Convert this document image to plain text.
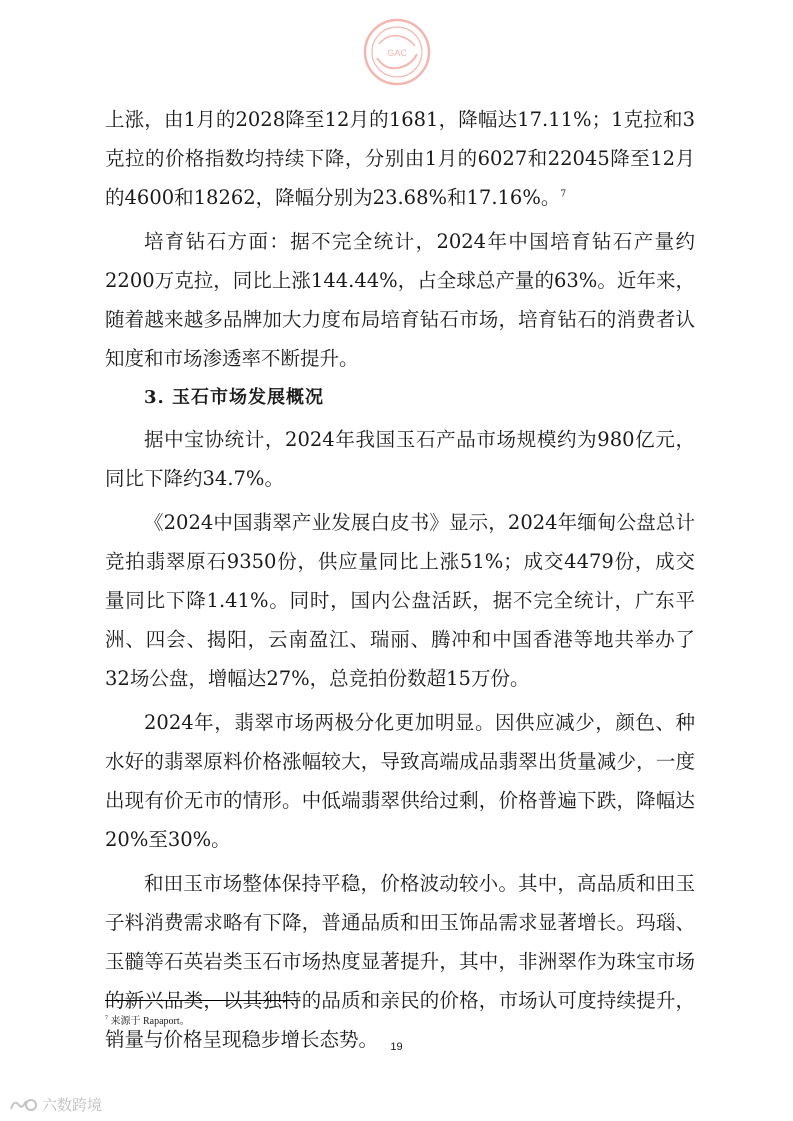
GAC

上涨，由1月的2028降至12月的1681，降幅达17.11%；1克拉和3克拉的价格指数均持续下降，分别由1月的6027和22045降至12月的4600和18262，降幅分别为23.68%和17.16%。$^7$

培育钻石方面：据不完全统计，2024年中国培育钻石产量约2200万克拉，同比上涨144.44%，占全球总产量的63%。近年来，随着越来越多品牌加大力度布局培育钻石市场，培育钻石的消费者认知度和市场渗透率不断提升。

3. 玉石市场发展概况

据中宝协统计，2024年我国玉石产品市场规模约为980亿元，同比下降约34.7%。

《2024中国翡翠产业发展白皮书》显示，2024年缅甸公盘总计竞拍翡翠原石9350份，供应量同比上涨51%；成交4479份，成交量同比下降1.41%。同时，国内公盘活跃，据不完全统计，广东平洲、四会、揭阳，云南盈江、瑞丽、腾冲和中国香港等地共举办了32场公盘，增幅达27%，总竞拍份数超15万份。

2024年，翡翠市场两极分化更加明显。因供应减少，颜色、种水好的翡翠原料价格涨幅较大，导致高端成品翡翠出货量减少，一度出现有价无市的情形。中低端翡翠供给过剩，价格普遍下跌，降幅达20%至30%。

和田玉市场整体保持平稳，价格波动较小。其中，高品质和田玉子料消费需求略有下降，普通品质和田玉饰品需求显著增长。玛瑙、玉髓等石英岩类玉石市场热度显著提升，其中，非洲翠作为珠宝市场的新兴品类，以其独特的品质和亲民的价格，市场认可度持续提升，销量与价格呈现稳步增长态势。

$^7$ 来源于 Rapaport。
19
六数跨境
